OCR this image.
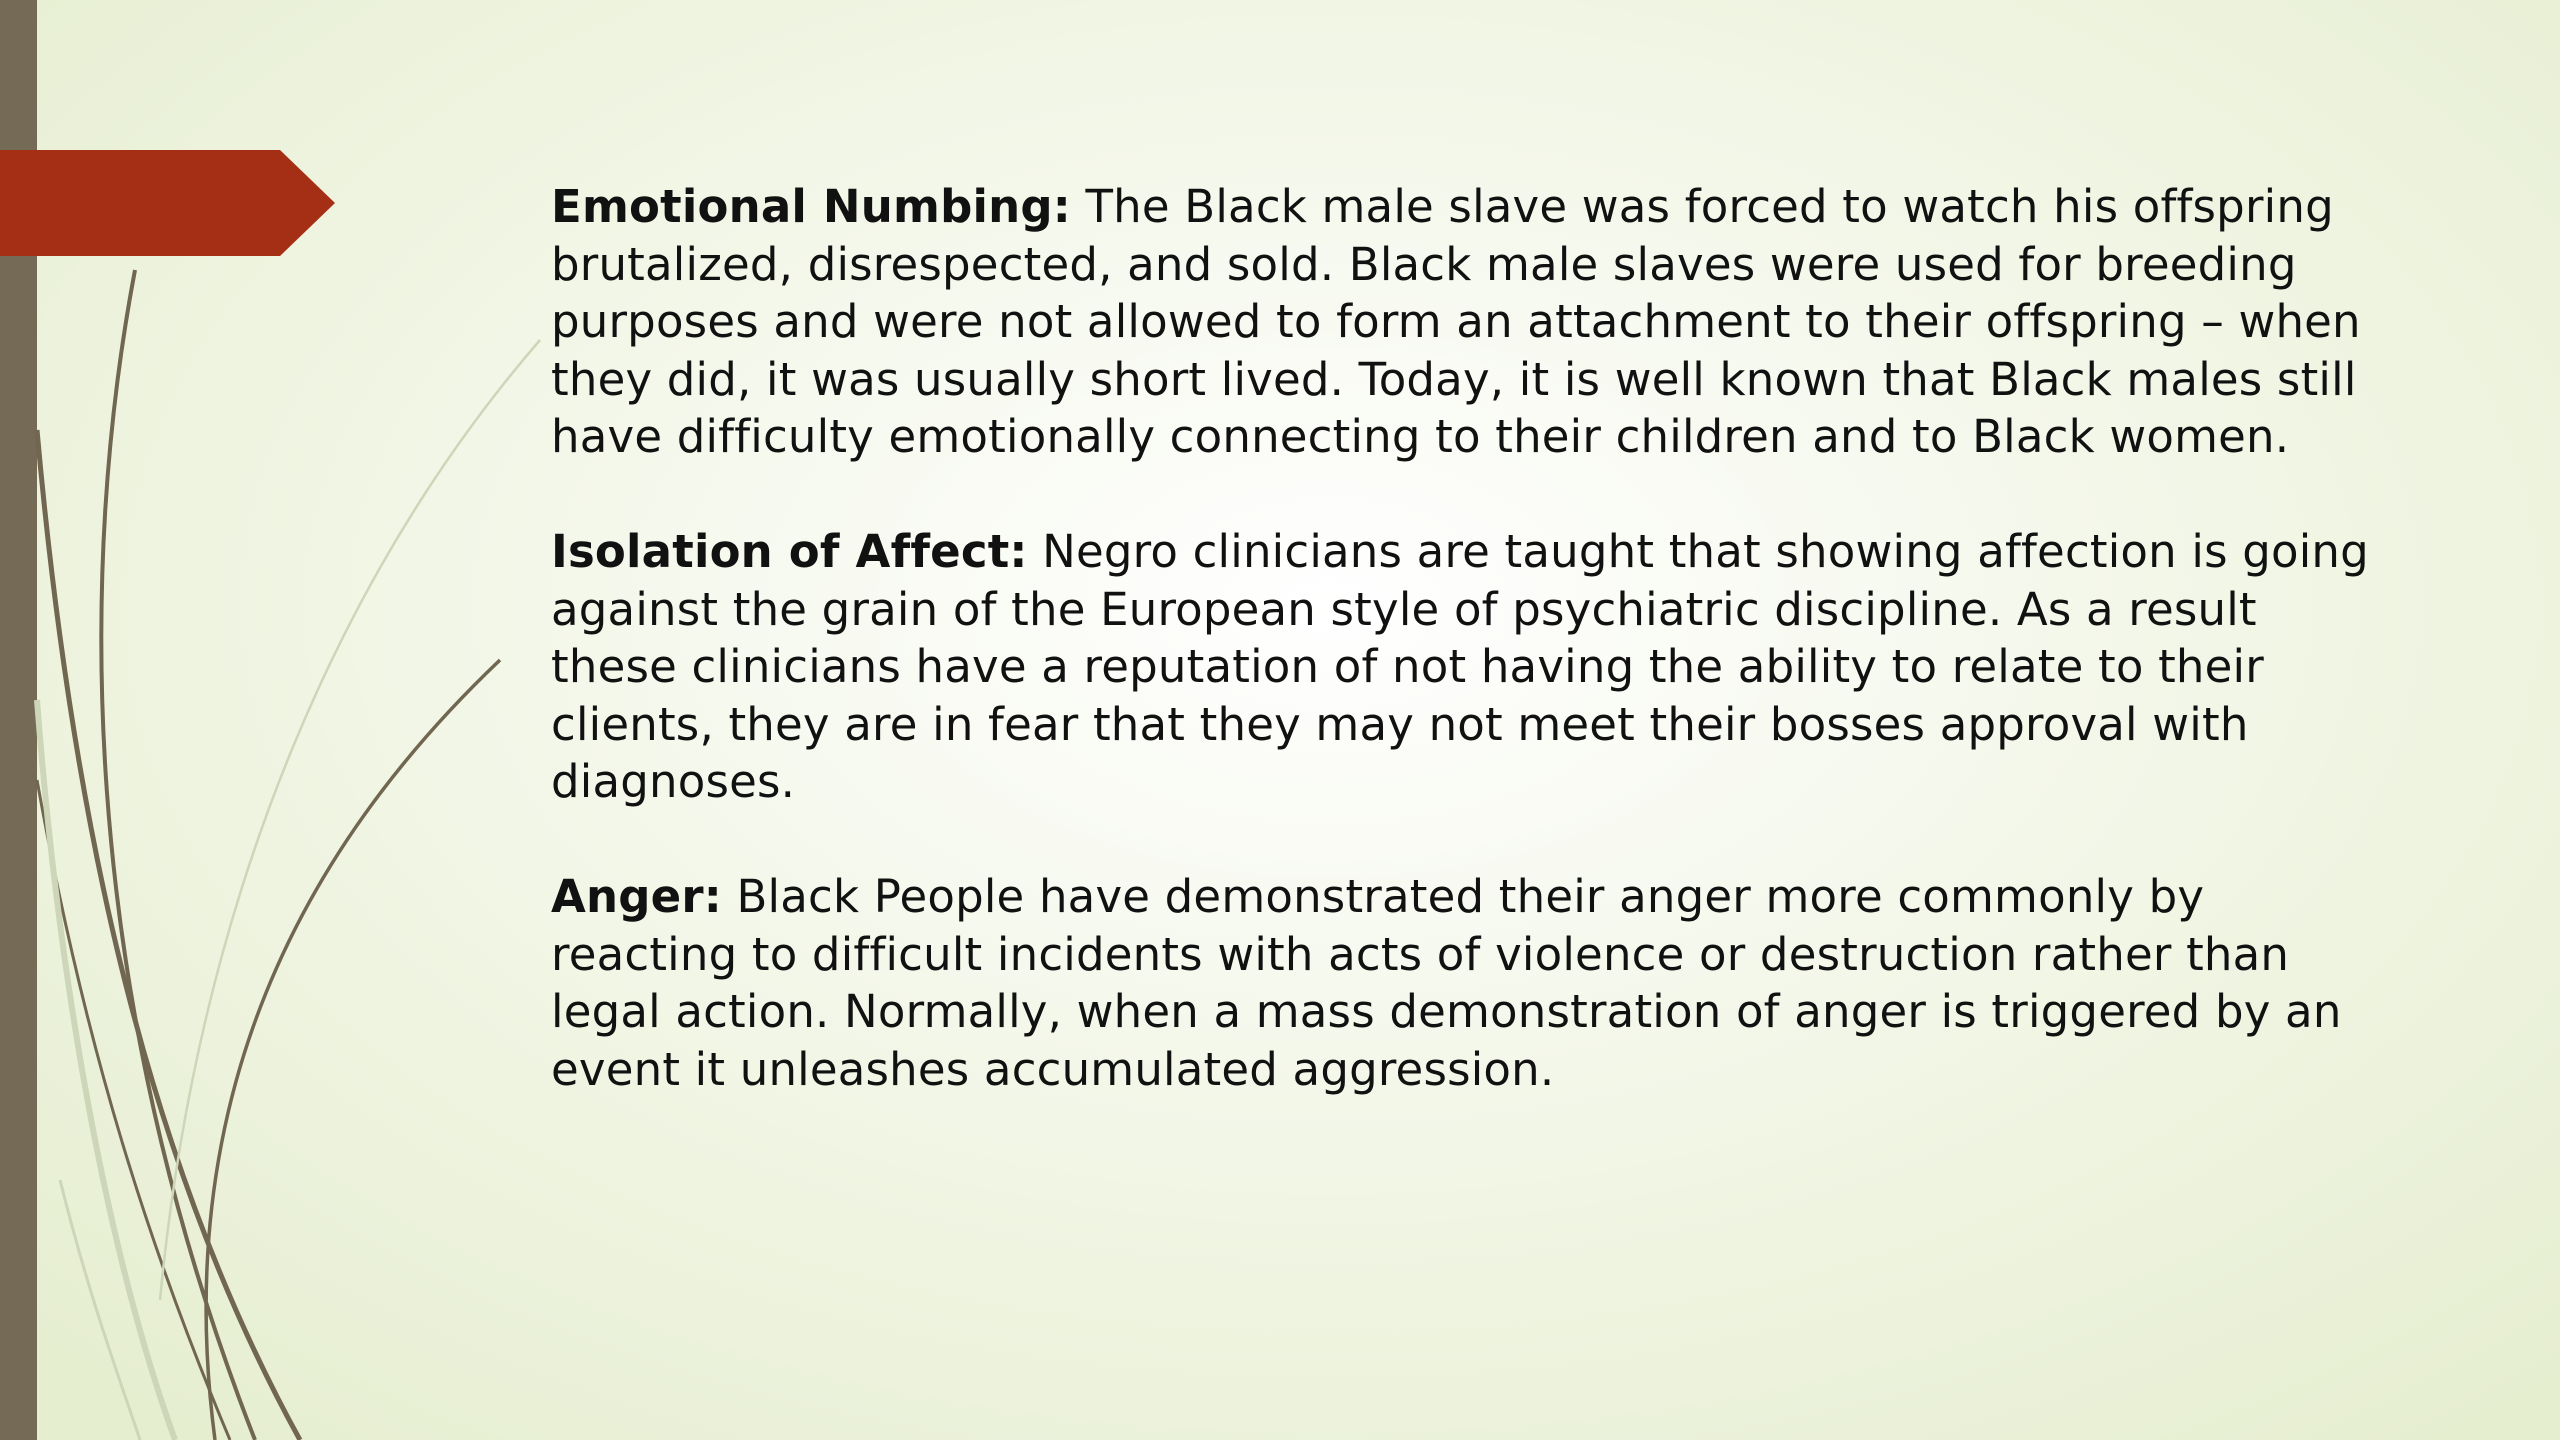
Emotional Numbing: The Black male slave was forced to watch his offspring brutalized, disrespected, and sold. Black male slaves were used for breeding purposes and were not allowed to form an attachment to their offspring – when they did, it was usually short lived. Today, it is well known that Black males still have difficulty emotionally connecting to their children and to Black women.

Isolation of Affect: Negro clinicians are taught that showing affection is going against the grain of the European style of psychiatric discipline. As a result these clinicians have a reputation of not having the ability to relate to their clients, they are in fear that they may not meet their bosses approval with diagnoses.

Anger: Black People have demonstrated their anger more commonly by reacting to difficult incidents with acts of violence or destruction rather than legal action. Normally, when a mass demonstration of anger is triggered by an event it unleashes accumulated aggression.
